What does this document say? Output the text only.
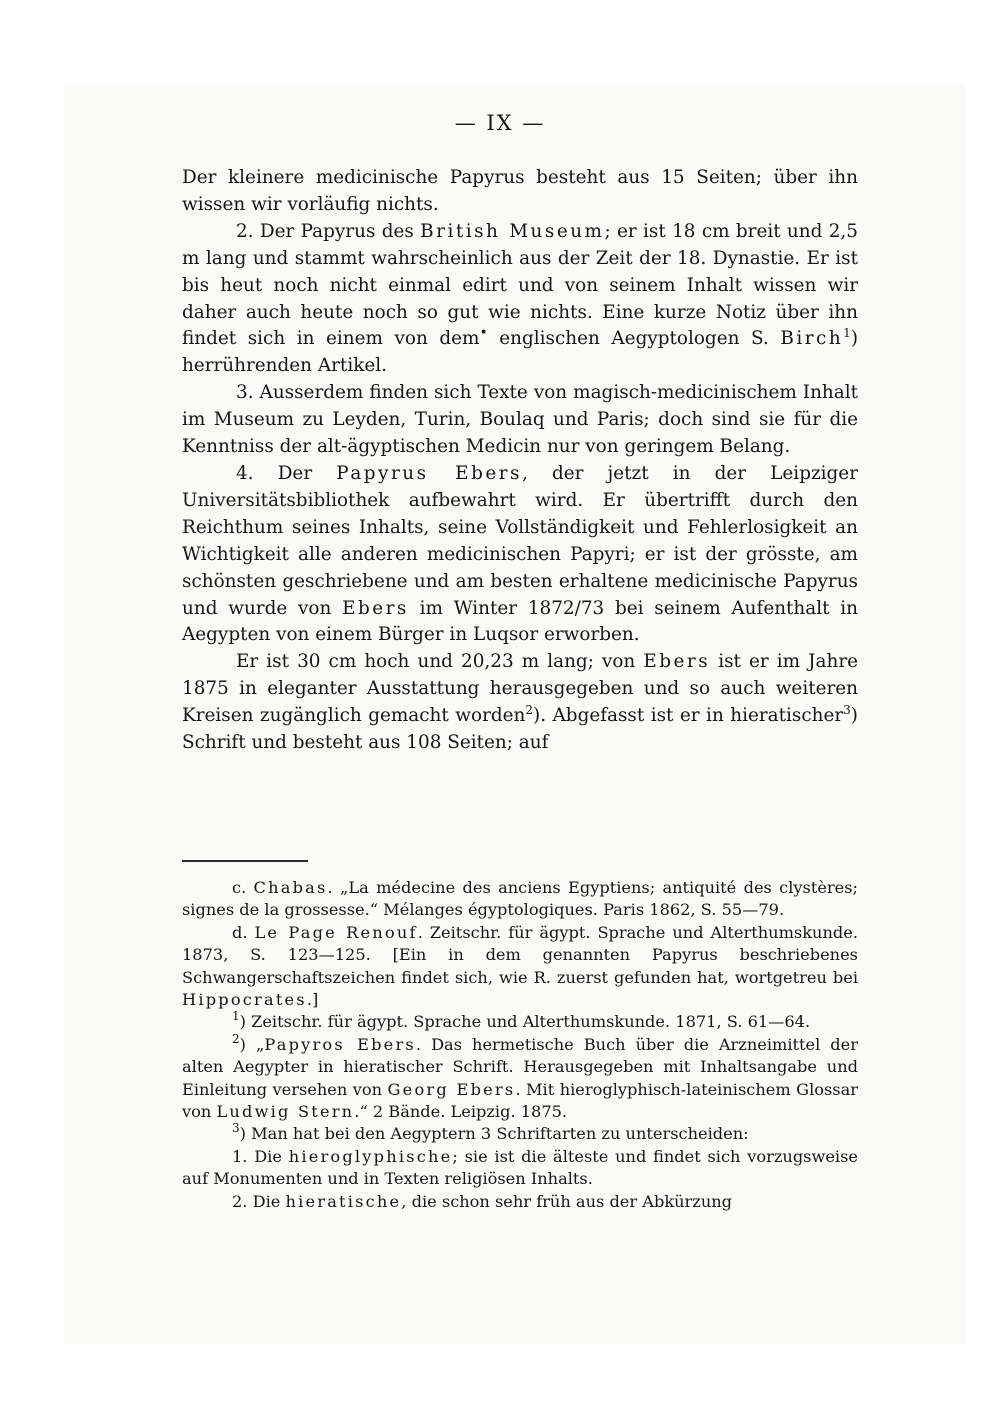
— IX —

Der kleinere medicinische Papyrus besteht aus 15 Seiten; über ihn wissen wir vorläufig nichts.

2. Der Papyrus des British Museum; er ist 18 cm breit und 2,5 m lang und stammt wahrscheinlich aus der Zeit der 18. Dynastie. Er ist bis heut noch nicht einmal edirt und von seinem Inhalt wissen wir daher auch heute noch so gut wie nichts. Eine kurze Notiz über ihn findet sich in einem von dem• englischen Aegyptologen S. Birch$^1$) herrührenden Artikel.

3. Ausserdem finden sich Texte von magisch-medicinischem Inhalt im Museum zu Leyden, Turin, Boulaq und Paris; doch sind sie für die Kenntniss der alt-ägyptischen Medicin nur von geringem Belang.

4. Der Papyrus Ebers, der jetzt in der Leipziger Universitätsbibliothek aufbewahrt wird. Er übertrifft durch den Reichthum seines Inhalts, seine Vollständigkeit und Fehlerlosigkeit an Wichtigkeit alle anderen medicinischen Papyri; er ist der grösste, am schönsten geschriebene und am besten erhaltene medicinische Papyrus und wurde von Ebers im Winter 1872/73 bei seinem Aufenthalt in Aegypten von einem Bürger in Luqsor erworben.

Er ist 30 cm hoch und 20,23 m lang; von Ebers ist er im Jahre 1875 in eleganter Ausstattung herausgegeben und so auch weiteren Kreisen zugänglich gemacht worden$^2$). Abgefasst ist er in hieratischer$^3$) Schrift und besteht aus 108 Seiten; auf

c. Chabas. „La médecine des anciens Egyptiens; antiquité des clystères; signes de la grossesse.“ Mélanges égyptologiques. Paris 1862, S. 55—79.

d. Le Page Renouf. Zeitschr. für ägypt. Sprache und Alterthumskunde. 1873, S. 123—125. [Ein in dem genannten Papyrus beschriebenes Schwangerschaftszeichen findet sich, wie R. zuerst gefunden hat, wortgetreu bei Hippocrates.]

$^1$) Zeitschr. für ägypt. Sprache und Alterthumskunde. 1871, S. 61—64.

$^2$) „Papyros Ebers. Das hermetische Buch über die Arzneimittel der alten Aegypter in hieratischer Schrift. Herausgegeben mit Inhaltsangabe und Einleitung versehen von Georg Ebers. Mit hieroglyphisch-lateinischem Glossar von Ludwig Stern.“ 2 Bände. Leipzig. 1875.

$^3$) Man hat bei den Aegyptern 3 Schriftarten zu unterscheiden:

1. Die hieroglyphische; sie ist die älteste und findet sich vorzugsweise auf Monumenten und in Texten religiösen Inhalts.

2. Die hieratische, die schon sehr früh aus der Abkürzung
